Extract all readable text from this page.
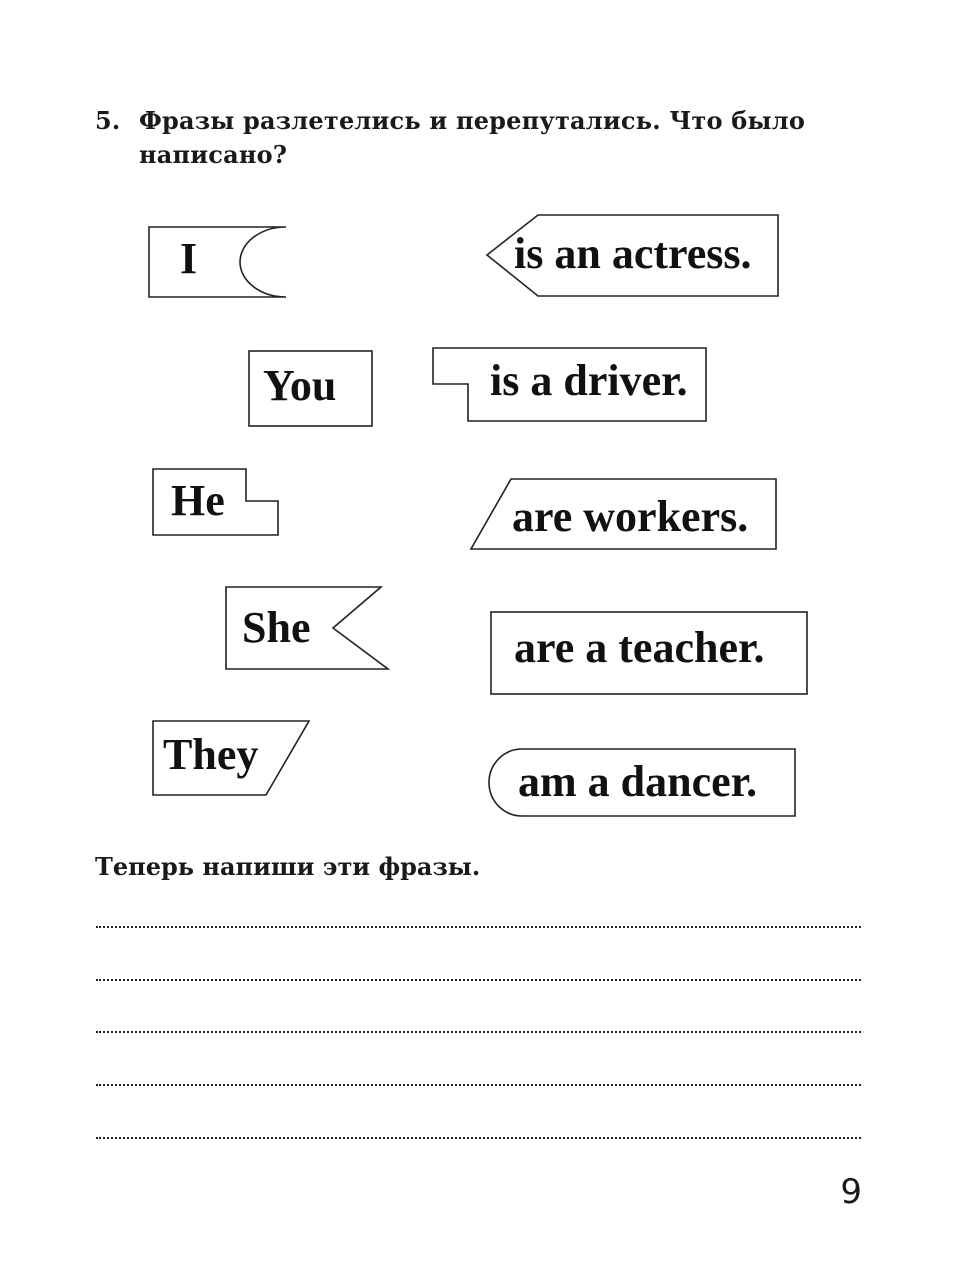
5. Фразы разлетелись и перепутались. Что было написано?
I
You
He
She
They
is an actress.
is a driver.
are workers.
are a teacher.
am a dancer.
Теперь напиши эти фразы.
9
